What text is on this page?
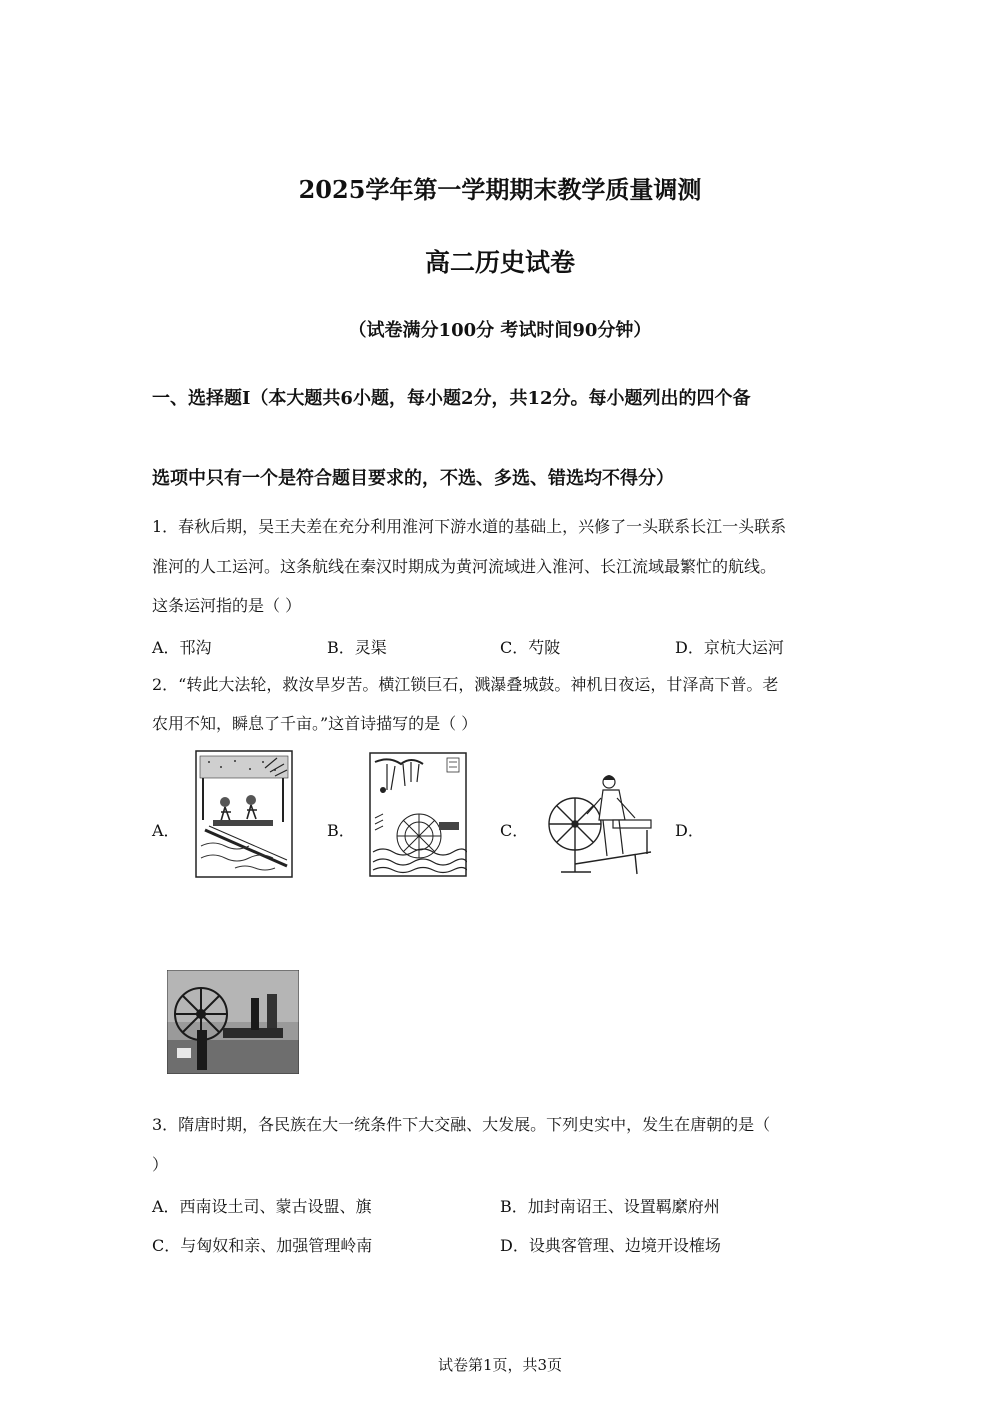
2025学年第一学期期末教学质量调测
高二历史试卷
（试卷满分100分 考试时间90分钟）
一、选择题Ⅰ（本大题共6小题，每小题2分，共12分。每小题列出的四个备
选项中只有一个是符合题目要求的，不选、多选、错选均不得分）
1．春秋后期，吴王夫差在充分利用淮河下游水道的基础上，兴修了一头联系长江一头联系
淮河的人工运河。这条航线在秦汉时期成为黄河流域进入淮河、长江流域最繁忙的航线。
这条运河指的是（ ）
A．邗沟	B．灵渠	C．芍陂	D．京杭大运河
2．“转此大法轮，救汝旱岁苦。横江锁巨石，溅瀑叠城鼓。神机日夜运，甘泽高下普。老
农用不知，瞬息了千亩。”这首诗描写的是（ ）
A．	B．	C．	D．
3．隋唐时期，各民族在大一统条件下大交融、大发展。下列史实中，发生在唐朝的是（
）
A．西南设土司、蒙古设盟、旗	B．加封南诏王、设置羁縻府州
C．与匈奴和亲、加强管理岭南	D．设典客管理、边境开设榷场
试卷第1页，共3页
